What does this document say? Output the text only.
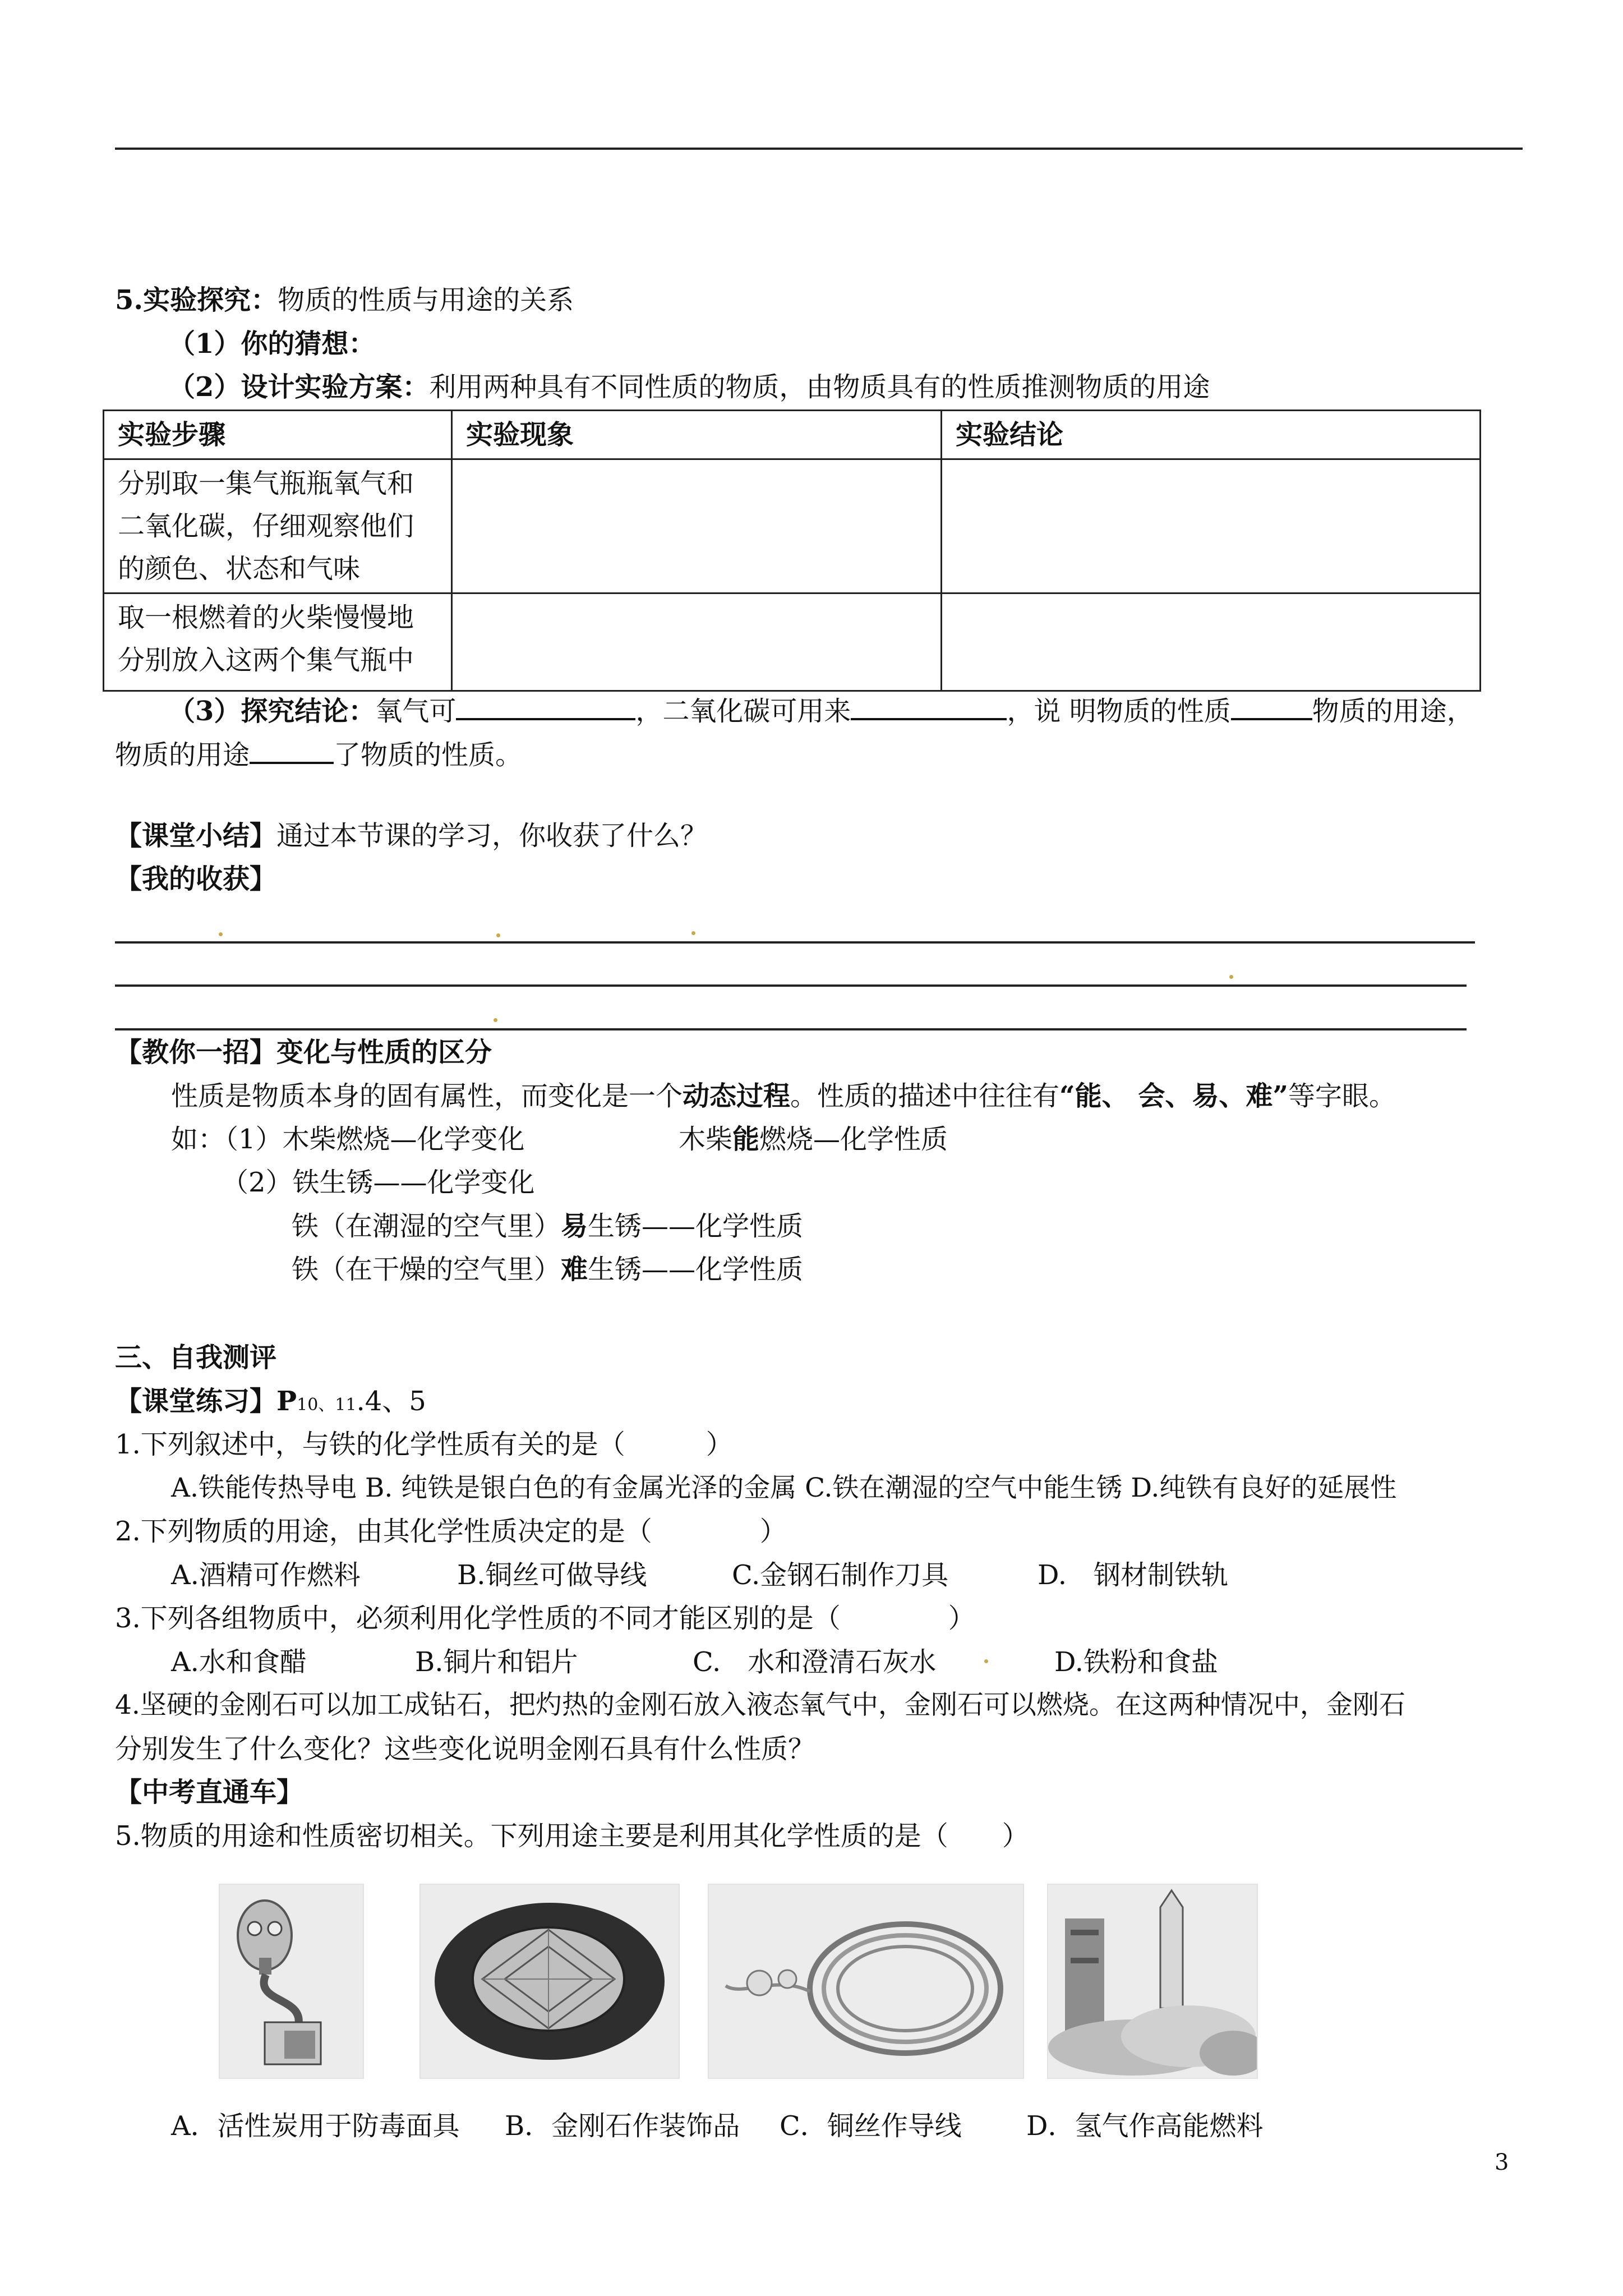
5.实验探究：物质的性质与用途的关系
（1）你的猜想：
（2）设计实验方案：利用两种具有不同性质的物质，由物质具有的性质推测物质的用途
实验步骤	实验现象	实验结论

分别取一集气瓶瓶氧气和
二氧化碳，仔细观察他们
的颜色、状态和气味		

取一根燃着的火柴慢慢地
分别放入这两个集气瓶中		

（3）探究结论：氧气可	，二氧化碳可用来	，说 明物质的性质	物质的用途，
物质的用途	了物质的性质。
【课堂小结】通过本节课的学习，你收获了什么？
【我的收获】
【教你一招】变化与性质的区分
性质是物质本身的固有属性，而变化是一个动态过程。性质的描述中往往有“能、 会、易、难”等字眼。
如：（1）木柴燃烧—化学变化	木柴能燃烧—化学性质
（2）铁生锈——化学变化
铁（在潮湿的空气里）易生锈——化学性质
铁（在干燥的空气里）难生锈——化学性质
三、自我测评
【课堂练习】P10、11.4、5
1.下列叙述中，与铁的化学性质有关的是（　　　）
A.铁能传热导电 B. 纯铁是银白色的有金属光泽的金属 C.铁在潮湿的空气中能生锈 D.纯铁有良好的延展性
2.下列物质的用途，由其化学性质决定的是（　　　　）
A.酒精可作燃料	B.铜丝可做导线	C.金钢石制作刀具	D.　钢材制铁轨
3.下列各组物质中，必须利用化学性质的不同才能区别的是（　　　　）
A.水和食醋	B.铜片和铝片	C.　水和澄清石灰水	D.铁粉和食盐
4.坚硬的金刚石可以加工成钻石，把灼热的金刚石放入液态氧气中，金刚石可以燃烧。在这两种情况中，金刚石
分别发生了什么变化？这些变化说明金刚石具有什么性质？
【中考直通车】
5.物质的用途和性质密切相关。下列用途主要是利用其化学性质的是（　　）
A．活性炭用于防毒面具 B．金刚石作装饰品 C．铜丝作导线 D．氢气作高能燃料
3
